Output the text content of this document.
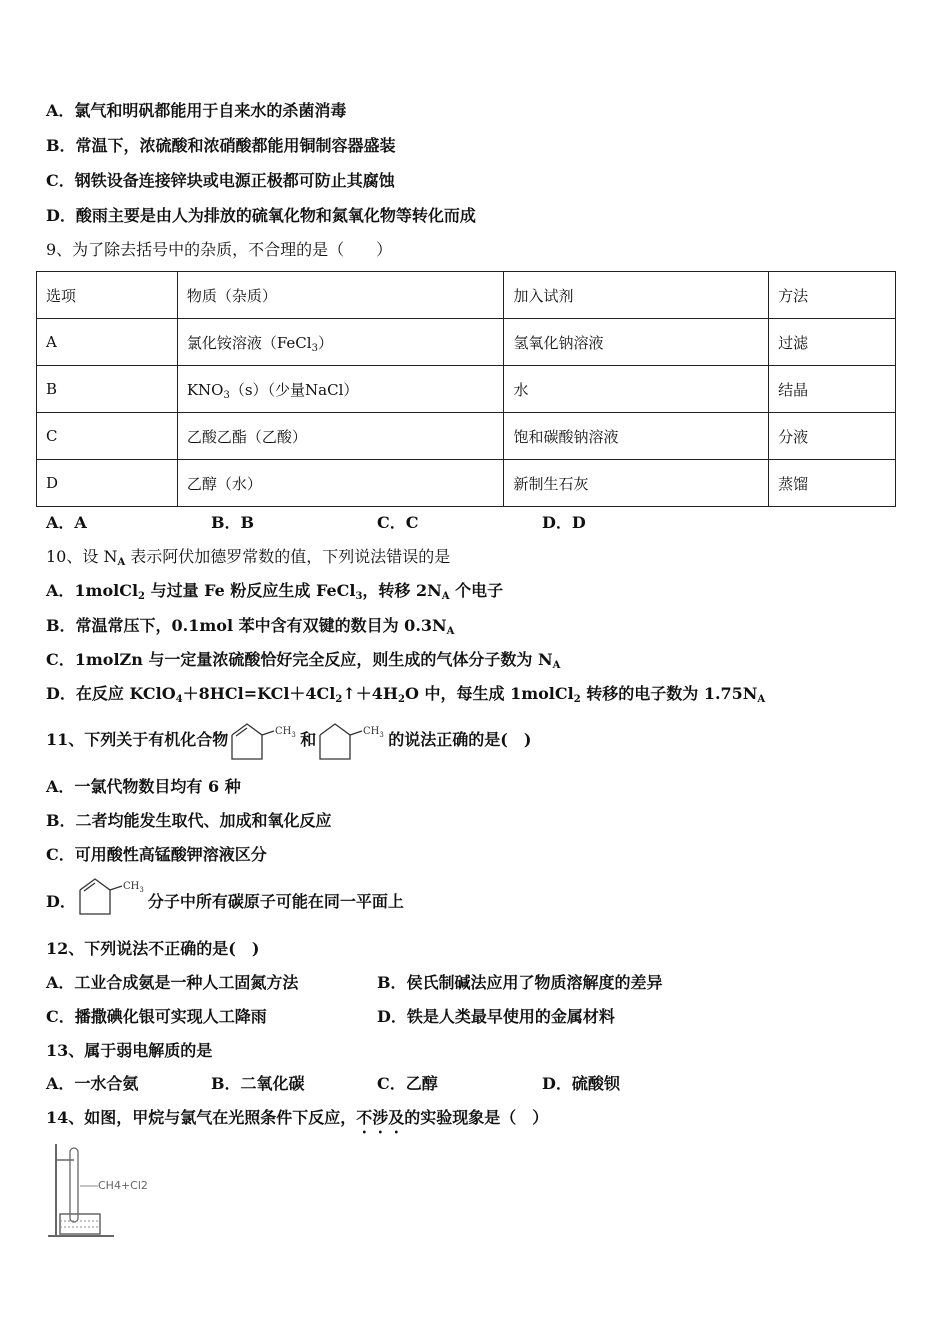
A．氯气和明矾都能用于自来水的杀菌消毒
B．常温下，浓硫酸和浓硝酸都能用铜制容器盛装
C．钢铁设备连接锌块或电源正极都可防止其腐蚀
D．酸雨主要是由人为排放的硫氧化物和氮氧化物等转化而成
9、为了除去括号中的杂质，不合理的是（　　）
选项	物质（杂质）	加入试剂	方法
A	氯化铵溶液（FeCl$_3$）	氢氧化钠溶液	过滤
B	$KNO_3(s)$（少量NaCl）	水	结晶
C	乙酸乙酯（乙酸）	饱和碳酸钠溶液	分液
D	乙醇（水）	新制生石灰	蒸馏
A．A	B．B	C．C	D．D
10、设 $N_A$ 表示阿伏加德罗常数的值，下列说法错误的是
A．1molCl$_2$ 与过量 Fe 粉反应生成 FeCl$_3$，转移 $2N_A$ 个电子
B．常温常压下，0.1mol 苯中含有双键的数目为 $0.3N_A$
C．1molZn 与一定量浓硫酸恰好完全反应，则生成的气体分子数为 $N_A$
D．在反应 $KClO_4+8HCl=KCl+4Cl_2↑+4H_2O$ 中，每生成 1molCl$_2$ 转移的电子数为 $1.75N_A$
11、下列关于有机化合物	$CH_3$ 和	$CH_3$ 的说法正确的是(　)
A．一氯代物数目均有 6 种
B．二者均能发生取代、加成和氧化反应
C．可用酸性高锰酸钾溶液区分
D．
$CH_3$
分子中所有碳原子可能在同一平面上
12、下列说法不正确的是(　)
A．工业合成氨是一种人工固氮方法	B．侯氏制碱法应用了物质溶解度的差异
C．播撒碘化银可实现人工降雨	D．铁是人类最早使用的金属材料
13、属于弱电解质的是
A．一水合氨	B．二氧化碳	C．乙醇	D．硫酸钡
14、如图，甲烷与氯气在光照条件下反应，不涉及的实验现象是（　）
CH4+Cl2
